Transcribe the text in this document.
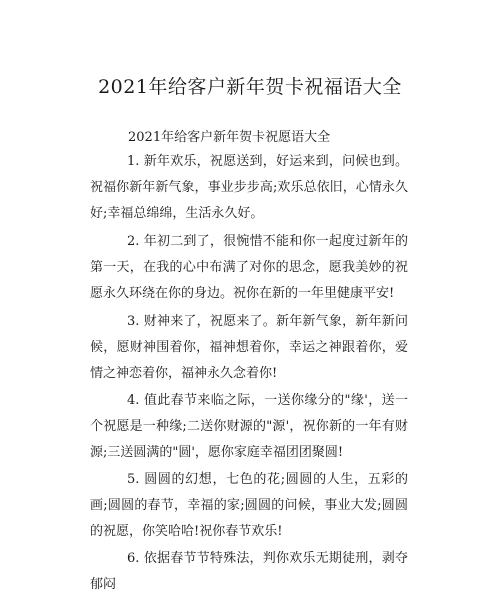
2021年给客户新年贺卡祝福语大全
2021年给客户新年贺卡祝愿语大全

1. 新年欢乐，祝愿送到，好运来到，问候也到。祝福你新年新气象，事业步步高;欢乐总依旧，心情永久好;幸福总绵绵，生活永久好。

2. 年初二到了，很惋惜不能和你一起度过新年的第一天，在我的心中布满了对你的思念，愿我美妙的祝愿永久环绕在你的身边。祝你在新的一年里健康平安!

3. 财神来了，祝愿来了。新年新气象，新年新问候，愿财神围着你，福神想着你，幸运之神跟着你，爱情之神恋着你，福神永久念着你!

4. 值此春节来临之际，一送你缘分的"缘'，送一个祝愿是一种缘;二送你财源的"源'，祝你新的一年有财源;三送圆满的"圆'，愿你家庭幸福团团聚圆!

5. 圆圆的幻想，七色的花;圆圆的人生，五彩的画;圆圆的春节，幸福的家;圆圆的问候，事业大发;圆圆的祝愿，你笑哈哈!祝你春节欢乐!

6. 依据春节节特殊法，判你欢乐无期徒刑，剥夺郁闷
